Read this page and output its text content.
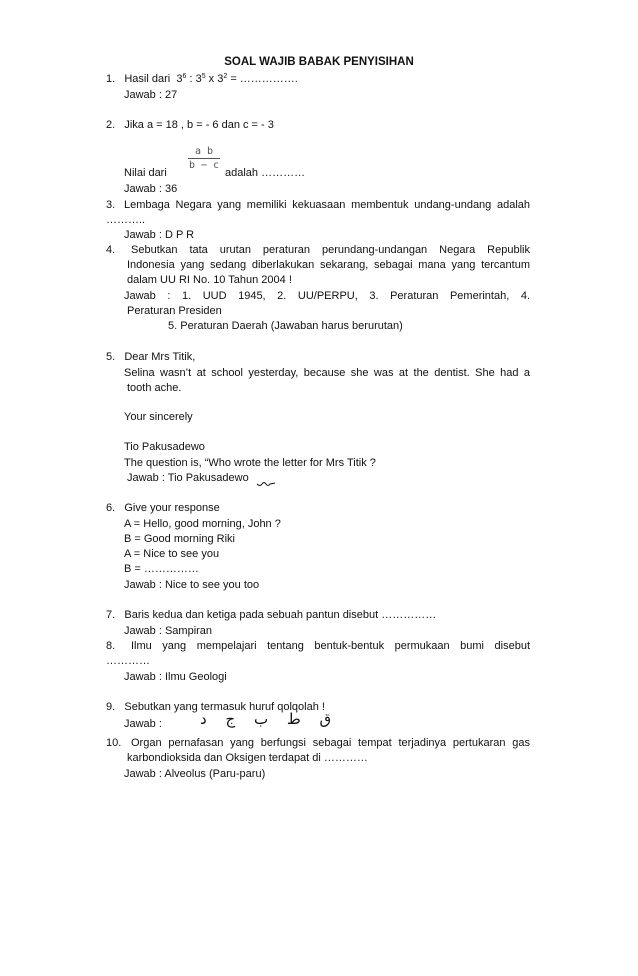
SOAL WAJIB BABAK PENYISIHAN
1. Hasil dari $3^6$ : $3^5$ x $3^2$ = …………….
Jawab : 27
2. Jika a = 18 , b = - 6 dan c = - 3
a b
b − c
Nilai dari	adalah …………
Jawab : 36
3. Lembaga Negara yang memiliki kekuasaan membentuk undang-undang adalah
………..
Jawab : D P R
4. Sebutkan tata urutan peraturan perundang-undangan Negara Republik
Indonesia yang sedang diberlakukan sekarang, sebagai mana yang tercantum
dalam UU RI No. 10 Tahun 2004 !
Jawab : 1. UUD 1945, 2. UU/PERPU, 3. Peraturan Pemerintah, 4.
Peraturan Presiden
5. Peraturan Daerah (Jawaban harus berurutan)
5. Dear Mrs Titik,
Selina wasn’t at school yesterday, because she was at the dentist. She had a
tooth ache.
Your sincerely
Tio Pakusadewo
The question is, “Who wrote the letter for Mrs Titik ?
Jawab : Tio Pakusadewo
6. Give your response
A = Hello, good morning, John ?
B = Good morning Riki
A = Nice to see you
B = ……………
Jawab : Nice to see you too
7. Baris kedua dan ketiga pada sebuah pantun disebut ……………
Jawab : Sampiran
8. Ilmu yang mempelajari tentang bentuk-bentuk permukaan bumi disebut
…………
Jawab : Ilmu Geologi
9. Sebutkan yang termasuk huruf qolqolah !
Jawab :	ق ط ب ج د
10. Organ pernafasan yang berfungsi sebagai tempat terjadinya pertukaran gas
karbondioksida dan Oksigen terdapat di …………
Jawab : Alveolus (Paru-paru)
